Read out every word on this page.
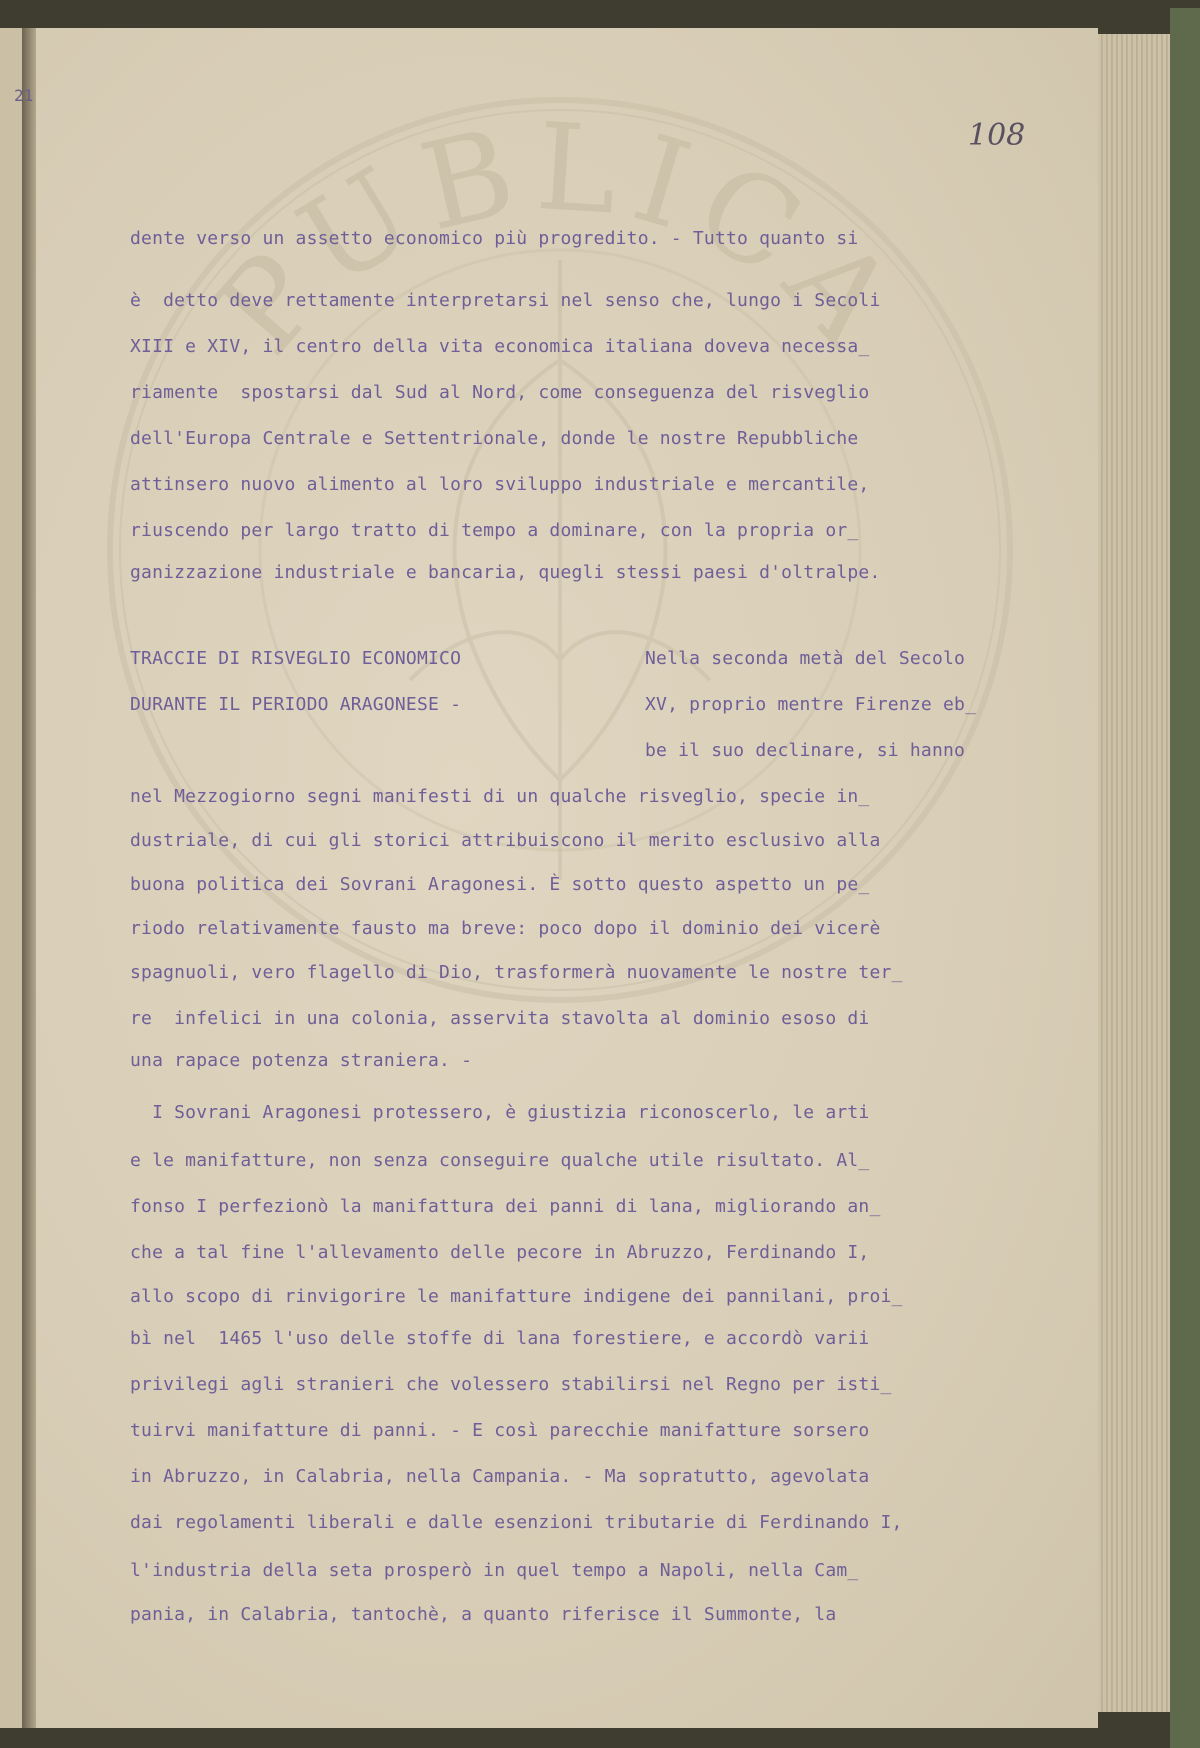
PUBLICA
21
108
dente verso un assetto economico più progredito. - Tutto quanto si
è  detto deve rettamente interpretarsi nel senso che, lungo i Secoli
XIII e XIV, il centro della vita economica italiana doveva necessa_
riamente  spostarsi dal Sud al Nord, come conseguenza del risveglio
dell'Europa Centrale e Settentrionale, donde le nostre Repubbliche
attinsero nuovo alimento al loro sviluppo industriale e mercantile,
riuscendo per largo tratto di tempo a dominare, con la propria or_
ganizzazione industriale e bancaria, quegli stessi paesi d'oltralpe.
TRACCIE DI RISVEGLIO ECONOMICO
DURANTE IL PERIODO ARAGONESE -
Nella seconda metà del Secolo
XV, proprio mentre Firenze eb_
be il suo declinare, si hanno
nel Mezzogiorno segni manifesti di un qualche risveglio, specie in_
dustriale, di cui gli storici attribuiscono il merito esclusivo alla
buona politica dei Sovrani Aragonesi. È sotto questo aspetto un pe_
riodo relativamente fausto ma breve: poco dopo il dominio dei vicerè
spagnuoli, vero flagello di Dio, trasformerà nuovamente le nostre ter_
re  infelici in una colonia, asservita stavolta al dominio esoso di
una rapace potenza straniera. -
I Sovrani Aragonesi protessero, è giustizia riconoscerlo, le arti
e le manifatture, non senza conseguire qualche utile risultato. Al_
fonso I perfezionò la manifattura dei panni di lana, migliorando an_
che a tal fine l'allevamento delle pecore in Abruzzo, Ferdinando I,
allo scopo di rinvigorire le manifatture indigene dei pannilani, proi_
bì nel  1465 l'uso delle stoffe di lana forestiere, e accordò varii
privilegi agli stranieri che volessero stabilirsi nel Regno per isti_
tuirvi manifatture di panni. - E così parecchie manifatture sorsero
in Abruzzo, in Calabria, nella Campania. - Ma sopratutto, agevolata
dai regolamenti liberali e dalle esenzioni tributarie di Ferdinando I,
l'industria della seta prosperò in quel tempo a Napoli, nella Cam_
pania, in Calabria, tantochè, a quanto riferisce il Summonte, la
